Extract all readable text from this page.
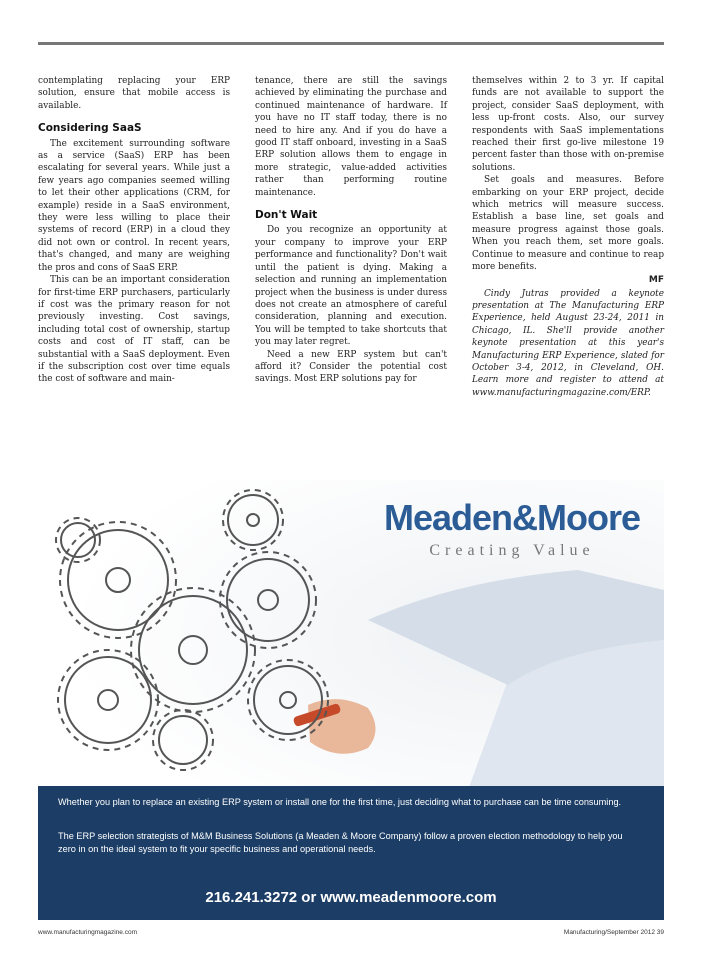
contemplating replacing your ERP solution, ensure that mobile access is available.

Considering SaaS

The excitement surrounding software as a service (SaaS) ERP has been escalating for several years. While just a few years ago companies seemed willing to let their other applications (CRM, for example) reside in a SaaS environment, they were less willing to place their systems of record (ERP) in a cloud they did not own or control. In recent years, that's changed, and many are weighing the pros and cons of SaaS ERP.

This can be an important consideration for first-time ERP purchasers, particularly if cost was the primary reason for not previously investing. Cost savings, including total cost of ownership, startup costs and cost of IT staff, can be substantial with a SaaS deployment. Even if the subscription cost over time equals the cost of software and main-

tenance, there are still the savings achieved by eliminating the purchase and continued maintenance of hardware. If you have no IT staff today, there is no need to hire any. And if you do have a good IT staff onboard, investing in a SaaS ERP solution allows them to engage in more strategic, value-added activities rather than performing routine maintenance.

Don't Wait

Do you recognize an opportunity at your company to improve your ERP performance and functionality? Don't wait until the patient is dying. Making a selection and running an implementation project when the business is under duress does not create an atmosphere of careful consideration, planning and execution. You will be tempted to take shortcuts that you may later regret.

Need a new ERP system but can't afford it? Consider the potential cost savings. Most ERP solutions pay for

themselves within 2 to 3 yr. If capital funds are not available to support the project, consider SaaS deployment, with less up-front costs. Also, our survey respondents with SaaS implementations reached their first go-live milestone 19 percent faster than those with on-premise solutions.

Set goals and measures. Before embarking on your ERP project, decide which metrics will measure success. Establish a base line, set goals and measure progress against those goals. When you reach them, set more goals. Continue to measure and continue to reap more benefits.

MF

Cindy Jutras provided a keynote presentation at The Manufacturing ERP Experience, held August 23-24, 2011 in Chicago, IL. She'll provide another keynote presentation at this year's Manufacturing ERP Experience, slated for October 3-4, 2012, in Cleveland, OH. Learn more and register to attend at www.manufacturingmagazine.com/ERP.

Meaden&Moore
Creating Value

Whether you plan to replace an existing ERP system or install one for the first time, just deciding what to purchase can be time consuming.

The ERP selection strategists of M&M Business Solutions (a Meaden & Moore Company) follow a proven election methodology to help you zero in on the ideal system to fit your specific business and operational needs.

216.241.3272 or www.meadenmoore.com
www.manufacturingmagazine.com	Manufacturing/September 2012 39
